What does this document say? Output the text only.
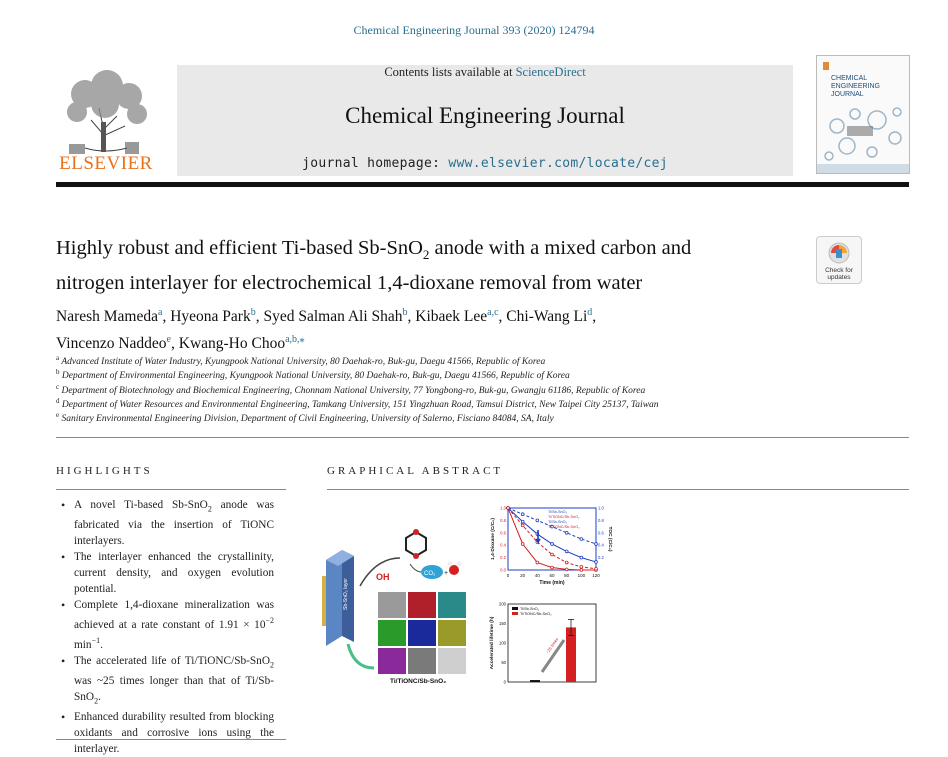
Chemical Engineering Journal 393 (2020) 124794
ELSEVIER
Contents lists available at ScienceDirect
Chemical Engineering Journal
journal homepage: www.elsevier.com/locate/cej
CHEMICAL
ENGINEERING
JOURNAL
Highly robust and efficient Ti-based Sb-SnO$_2$ anode with a mixed carbon and
nitrogen interlayer for electrochemical 1,4-dioxane removal from water
Check for
updates
Naresh Mameda$^a$, Hyeona Park$^b$, Syed Salman Ali Shah$^b$, Kibaek Lee$^{a,c}$, Chi-Wang Li$^d$,
Vincenzo Naddeo$^e$, Kwang-Ho Choo$^{a,b,⁎}$
$^a$ Advanced Institute of Water Industry, Kyungpook National University, 80 Daehak-ro, Buk-gu, Daegu 41566, Republic of Korea
$^b$ Department of Environmental Engineering, Kyungpook National University, 80 Daehak-ro, Buk-gu, Daegu 41566, Republic of Korea
$^c$ Department of Biotechnology and Biochemical Engineering, Chonnam National University, 77 Yongbong-ro, Buk-gu, Gwangju 61186, Republic of Korea
$^d$ Department of Water Resources and Environmental Engineering, Tamkang University, 151 Yingzhuan Road, Tamsui District, New Taipei City 25137, Taiwan
$^e$ Sanitary Environmental Engineering Division, Department of Civil Engineering, University of Salerno, Fisciano 84084, SA, Italy
HIGHLIGHTS	GRAPHICAL ABSTRACT
• A novel Ti-based Sb-SnO$_2$ anode was fabricated via the insertion of TiONC interlayers.
• The interlayer enhanced the crystallinity, current density, and oxygen evolution potential.
• Complete 1,4-dioxane mineralization was achieved at a rate constant of $1.91 \times 10^{-2}$ $\min^{-1}$.
• The accelerated life of Ti/TiONC/Sb-SnO$_2$ was ~25 times longer than that of Ti/Sb-SnO$_2$.
• Enhanced durability resulted from blocking oxidants and corrosive ions using the interlayer.
Sb-SnO₂ layer
OH	CO₂ +
Ti/TiONC/Sb-SnO₂
0 20 40 60 80 100 120
0.0
0.2
0.4
0.6
0.8
1.0
0.2
0.4
0.6
0.8
1.0
Time (min)
1,4-Dioxane (C/C₀)	TOC (C/C₀)
Ti/Sb-SnO₂
Ti/TiONC/Sb-SnO₂
Ti/Sb-SnO₂
Ti/TiONC/Sb-SnO₂
0
50
100
150
200
Accelerated lifetime (h)
Ti/Sb-SnO₂
Ti/TiONC/Sb-SnO₂
~25 times
